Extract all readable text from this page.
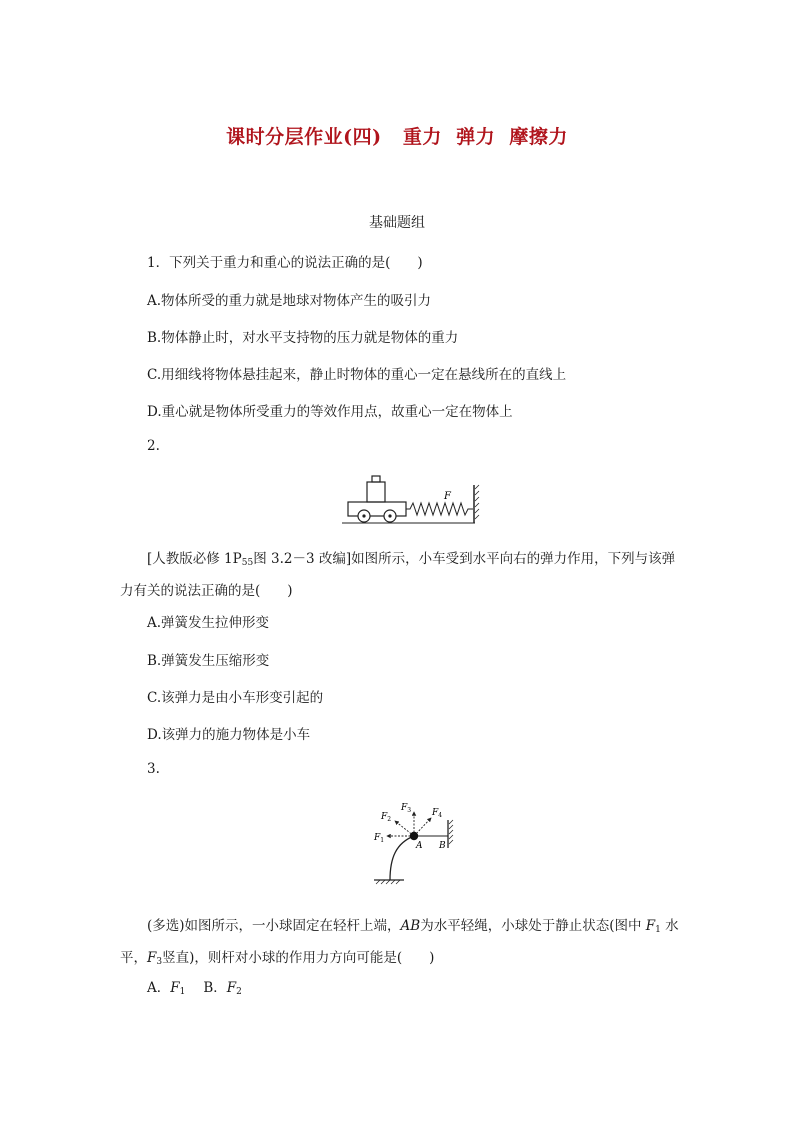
课时分层作业(四)   重力  弹力  摩擦力
基础题组
1．下列关于重力和重心的说法正确的是(　　)
A.物体所受的重力就是地球对物体产生的吸引力
B.物体静止时，对水平支持物的压力就是物体的重力
C.用细线将物体悬挂起来，静止时物体的重心一定在悬线所在的直线上
D.重心就是物体所受重力的等效作用点，故重心一定在物体上
2.
F
[人教版必修 $1P_{55}$图 3.2－3 改编]如图所示，小车受到水平向右的弹力作用，下列与该弹力有关的说法正确的是(　　)
A.弹簧发生拉伸形变
B.弹簧发生压缩形变
C.该弹力是由小车形变引起的
D.该弹力的施力物体是小车
3.
$F_1$
$F_2$
$F_3$ $F_4$
A B
(多选)如图所示，一小球固定在轻杆上端，AB为水平轻绳，小球处于静止状态(图中 $F_1$ 水平，$F_3$竖直)，则杆对小球的作用力方向可能是(　　)
A．$F_1$ B．$F_2$
